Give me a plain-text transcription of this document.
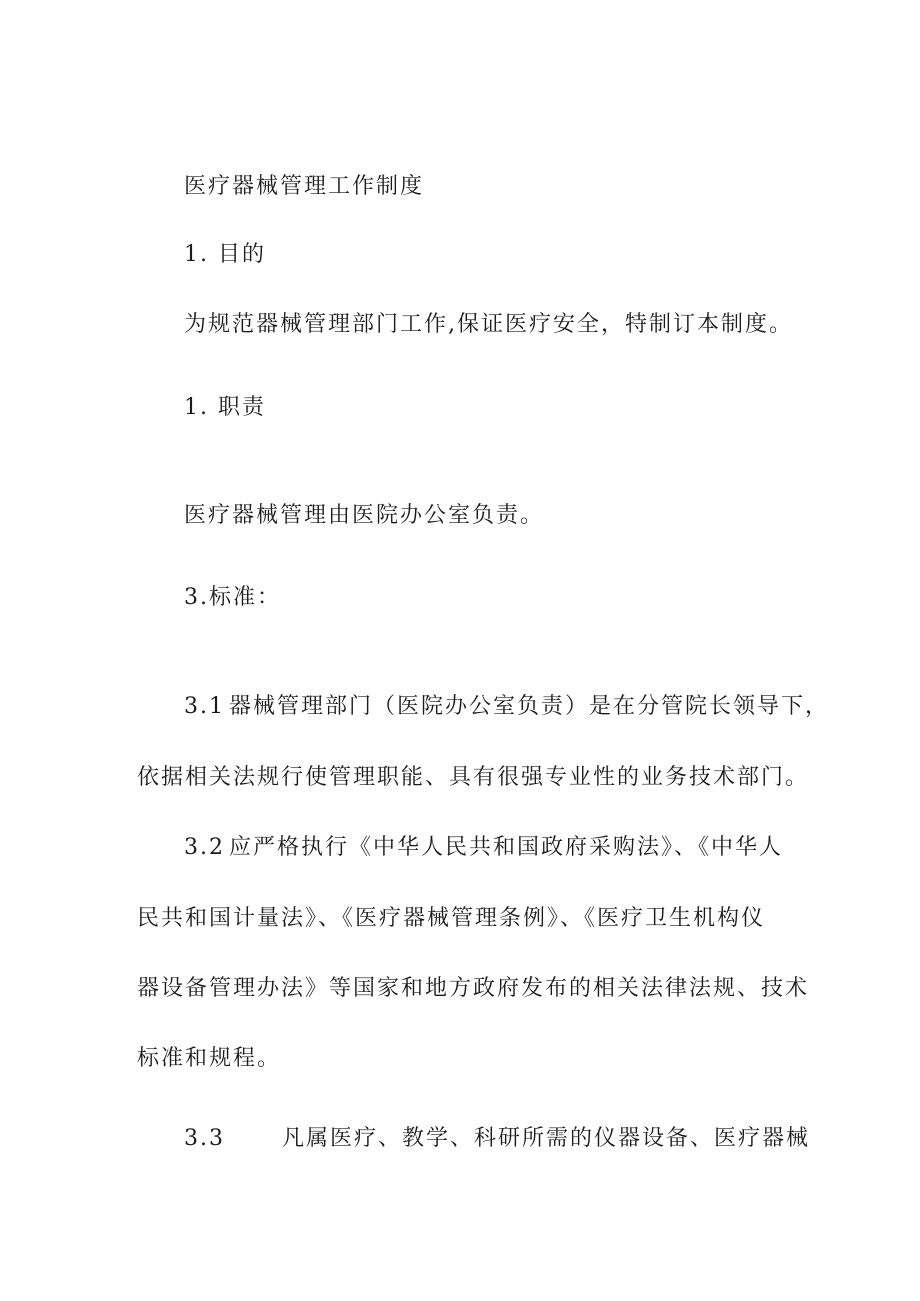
医疗器械管理工作制度
1. 目的
为规范器械管理部门工作,保证医疗安全，特制订本制度。
1. 职责
医疗器械管理由医院办公室负责。
3.标准：
3.1 器械管理部门（医院办公室负责）是在分管院长领导下，
依据相关法规行使管理职能、具有很强专业性的业务技术部门。
3.2 应严格执行《中华人民共和国政府采购法》、《中华人
民共和国计量法》、《医疗器械管理条例》、《医疗卫生机构仪
器设备管理办法》等国家和地方政府发布的相关法律法规、技术
标准和规程。
3.3	凡属医疗、教学、科研所需的仪器设备、医疗器械
